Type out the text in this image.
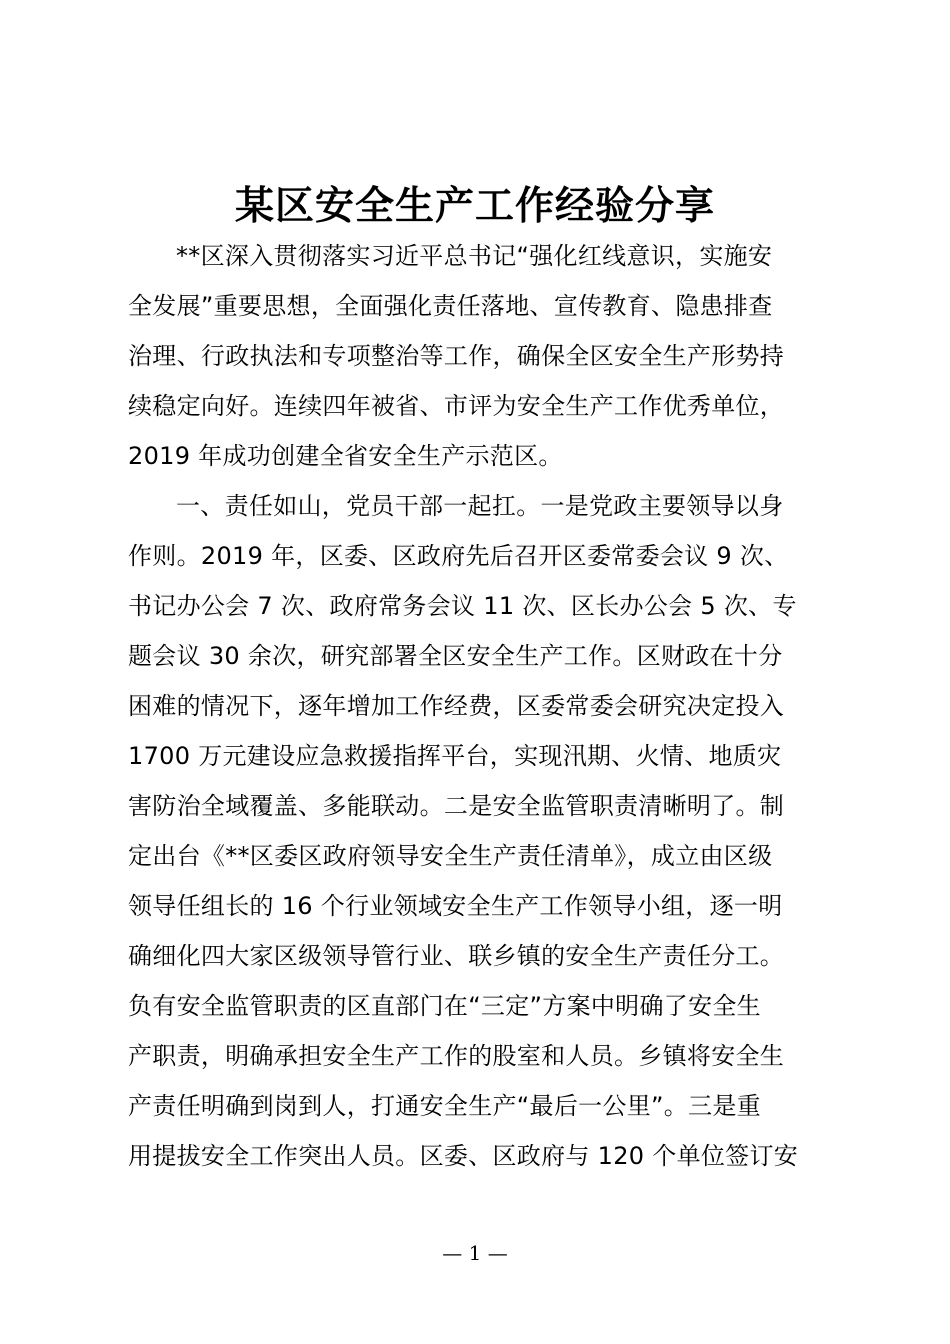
某区安全生产工作经验分享
**区深入贯彻落实习近平总书记“强化红线意识，实施安
全发展”重要思想，全面强化责任落地、宣传教育、隐患排查
治理、行政执法和专项整治等工作，确保全区安全生产形势持
续稳定向好。连续四年被省、市评为安全生产工作优秀单位，
2019 年成功创建全省安全生产示范区。
一、责任如山，党员干部一起扛。一是党政主要领导以身
作则。2019 年，区委、区政府先后召开区委常委会议 9 次、
书记办公会 7 次、政府常务会议 11 次、区长办公会 5 次、专
题会议 30 余次，研究部署全区安全生产工作。区财政在十分
困难的情况下，逐年增加工作经费，区委常委会研究决定投入
1700 万元建设应急救援指挥平台，实现汛期、火情、地质灾
害防治全域覆盖、多能联动。二是安全监管职责清晰明了。制
定出台《**区委区政府领导安全生产责任清单》，成立由区级
领导任组长的 16 个行业领域安全生产工作领导小组，逐一明
确细化四大家区级领导管行业、联乡镇的安全生产责任分工。
负有安全监管职责的区直部门在“三定”方案中明确了安全生
产职责，明确承担安全生产工作的股室和人员。乡镇将安全生
产责任明确到岗到人，打通安全生产“最后一公里”。三是重
用提拔安全工作突出人员。区委、区政府与 120 个单位签订安
— 1 —
